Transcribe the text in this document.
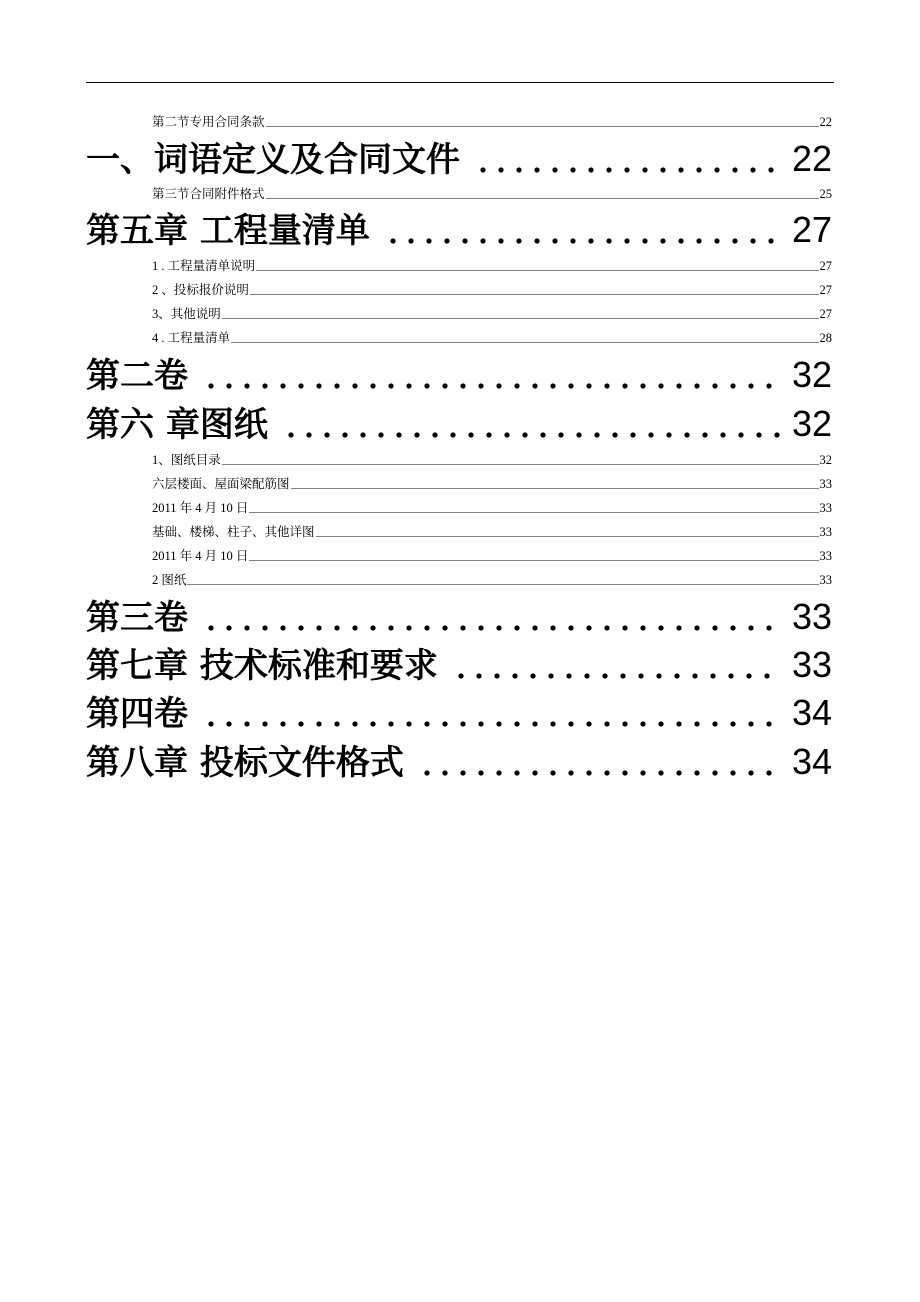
第二节专用合同条款	22
一、词语定义及合同文件	22
第三节合同附件格式	25
第五章 工程量清单	27
1 . 工程量清单说明	27
2 、投标报价说明	27
3、其他说明	27
4 . 工程量清单	28
第二卷	32
第六 章图纸	32
1、图纸目录	32
六层楼面、屋面梁配筋图	33
2011 年 4 月 10 日	33
基础、楼梯、柱子、其他详图	33
2011 年 4 月 10 日	33
2 图纸	33
第三卷	33
第七章 技术标准和要求	33
第四卷	34
第八章 投标文件格式	34
